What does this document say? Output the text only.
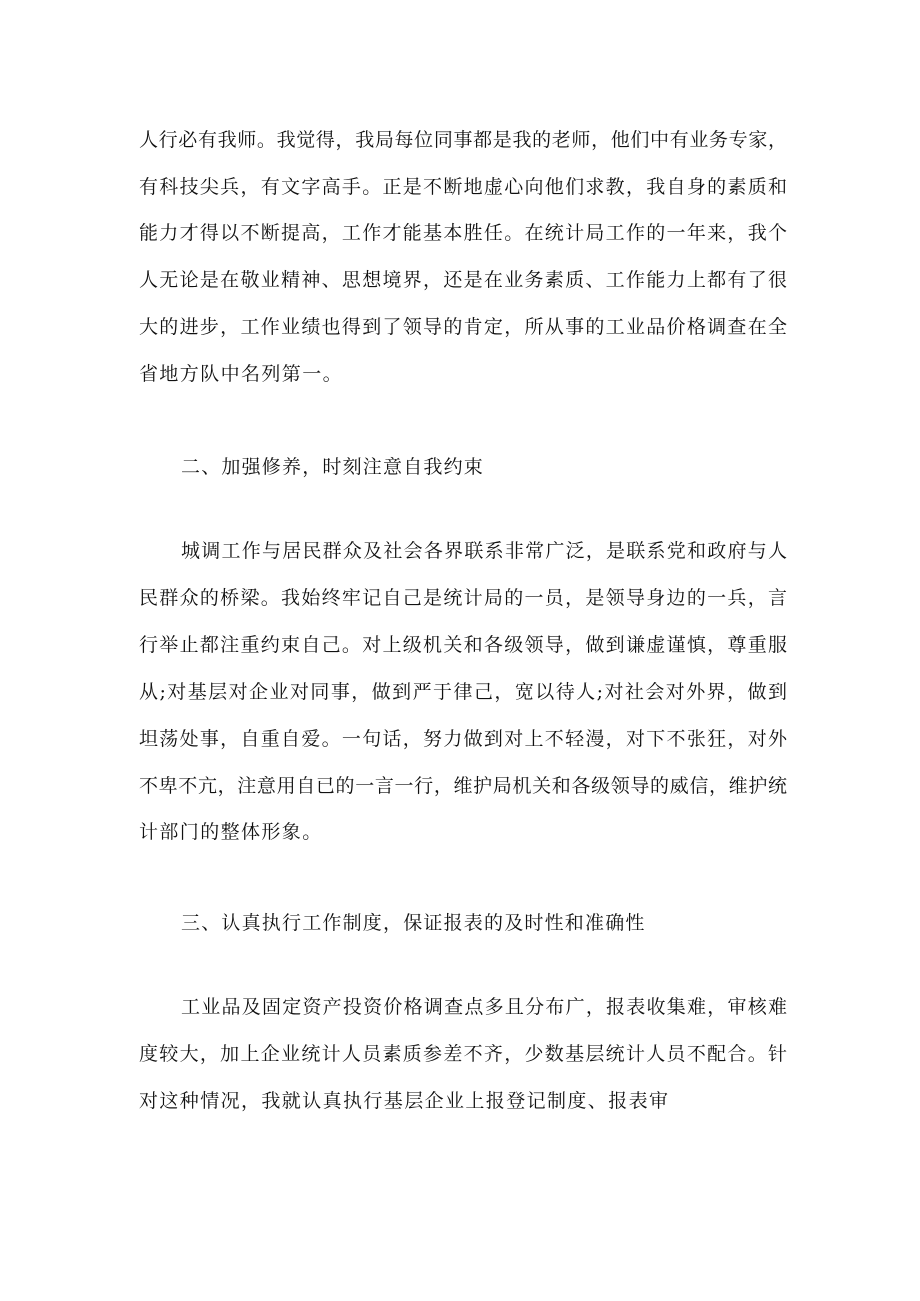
人行必有我师。我觉得，我局每位同事都是我的老师，他们中有业务专家，
有科技尖兵，有文字高手。正是不断地虚心向他们求教，我自身的素质和
能力才得以不断提高，工作才能基本胜任。在统计局工作的一年来，我个
人无论是在敬业精神、思想境界，还是在业务素质、工作能力上都有了很
大的进步，工作业绩也得到了领导的肯定，所从事的工业品价格调查在全
省地方队中名列第一。
二、加强修养，时刻注意自我约束
城调工作与居民群众及社会各界联系非常广泛，是联系党和政府与人
民群众的桥梁。我始终牢记自己是统计局的一员，是领导身边的一兵，言
行举止都注重约束自己。对上级机关和各级领导，做到谦虚谨慎，尊重服
从;对基层对企业对同事，做到严于律己，宽以待人;对社会对外界，做到
坦荡处事，自重自爱。一句话，努力做到对上不轻漫，对下不张狂，对外
不卑不亢，注意用自已的一言一行，维护局机关和各级领导的威信，维护统
计部门的整体形象。
三、认真执行工作制度，保证报表的及时性和准确性
工业品及固定资产投资价格调查点多且分布广，报表收集难，审核难
度较大，加上企业统计人员素质参差不齐，少数基层统计人员不配合。针
对这种情况，我就认真执行基层企业上报登记制度、报表审
